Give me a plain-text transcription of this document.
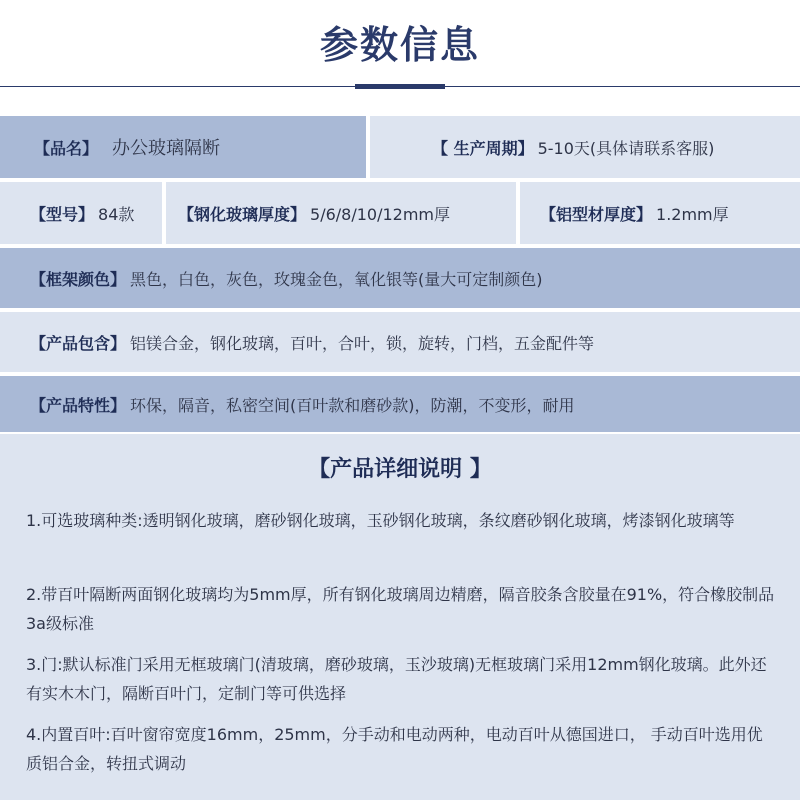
参数信息
【品名】 办公玻璃隔断	【 生产周期】 5-10天(具体请联系客服)
【型号】 84款	【钢化玻璃厚度】 5/6/8/10/12mm厚	【铝型材厚度】 1.2mm厚
【框架颜色】 黑色，白色，灰色，玫瑰金色，氧化银等(量大可定制颜色)
【产品包含】 铝镁合金，钢化玻璃，百叶，合叶，锁，旋转，门档，五金配件等
【产品特性】 环保，隔音，私密空间(百叶款和磨砂款)，防潮，不变形，耐用
【产品详细说明 】
1.可选玻璃种类:透明钢化玻璃，磨砂钢化玻璃，玉砂钢化玻璃，条纹磨砂钢化玻璃，烤漆钢化玻璃等
2.带百叶隔断两面钢化玻璃均为5mm厚，所有钢化玻璃周边精磨，隔音胶条含胶量在91%，符合橡胶制品3a级标准
3.门:默认标准门采用无框玻璃门(清玻璃，磨砂玻璃，玉沙玻璃)无框玻璃门采用12mm钢化玻璃。此外还有实木木门，隔断百叶门，定制门等可供选择
4.内置百叶:百叶窗帘宽度16mm，25mm，分手动和电动两种，电动百叶从德国进口， 手动百叶选用优质铝合金，转扭式调动
